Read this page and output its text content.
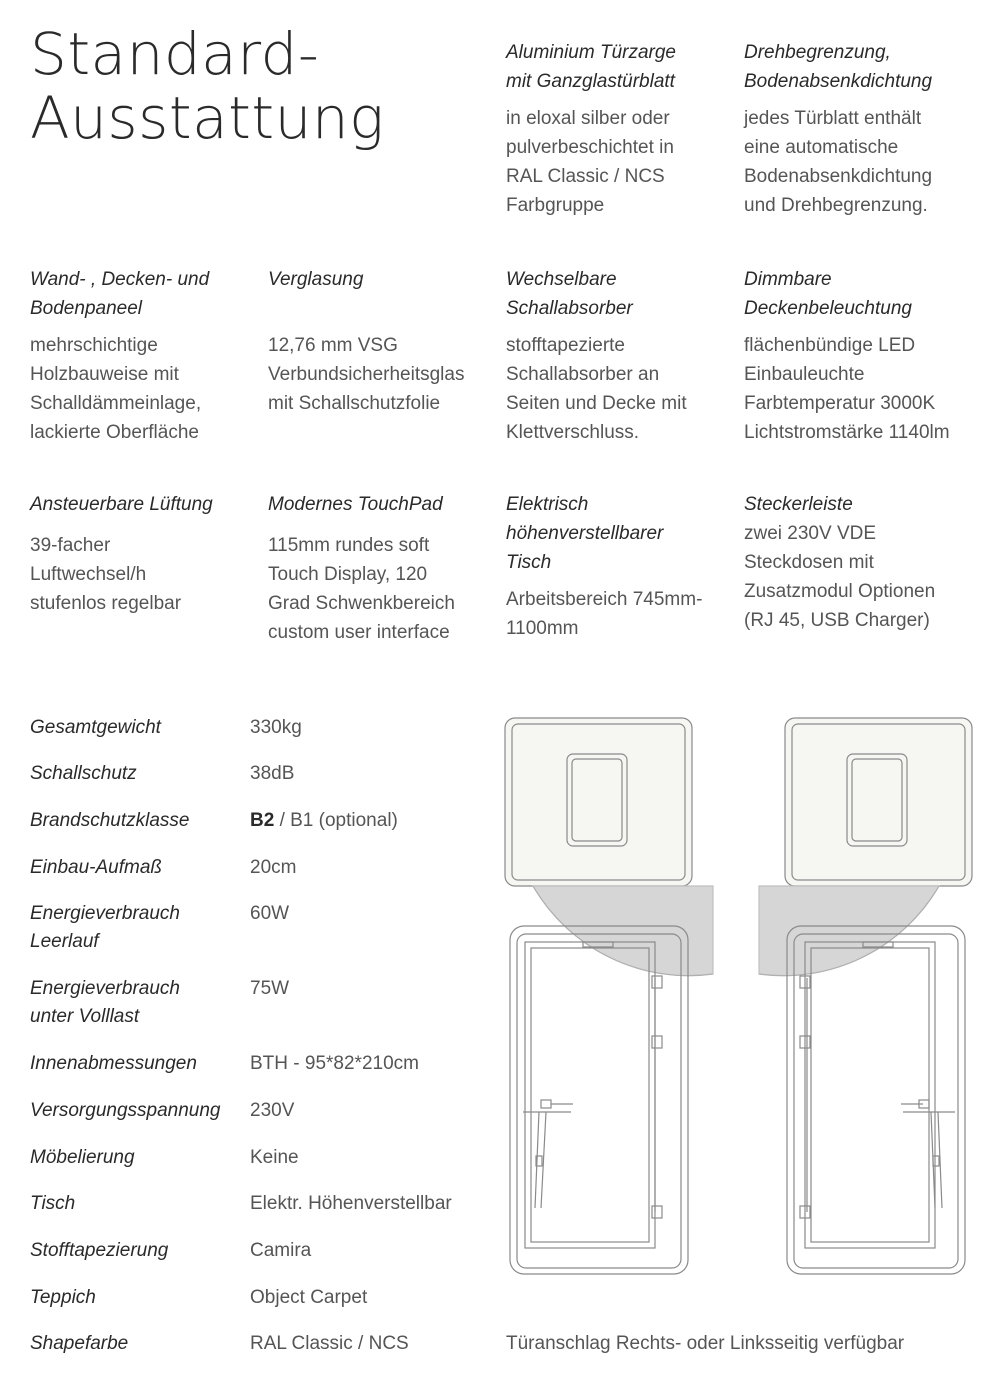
Standard-
Ausstattung
Aluminium Türzarge
mit Ganzglastürblatt
in eloxal silber oder
pulverbeschichtet in
RAL Classic / NCS
Farbgruppe
Drehbegrenzung,
Bodenabsenkdichtung
jedes Türblatt enthält
eine automatische
Bodenabsenkdichtung
und Drehbegrenzung.
Wand- , Decken- und
Bodenpaneel
mehrschichtige
Holzbauweise mit
Schalldämmeinlage,
lackierte Oberfläche
Verglasung
12,76 mm VSG
Verbundsicherheitsglas
mit Schallschutzfolie
Wechselbare
Schallabsorber
stofftapezierte
Schallabsorber an
Seiten und Decke mit
Klettverschluss.
Dimmbare
Deckenbeleuchtung
flächenbündige LED
Einbauleuchte
Farbtemperatur 3000K
Lichtstromstärke 1140lm
Ansteuerbare Lüftung
39-facher
Luftwechsel/h
stufenlos regelbar
Modernes TouchPad
115mm rundes soft
Touch Display, 120
Grad Schwenkbereich
custom user interface
Elektrisch
höhenverstellbarer
Tisch
Arbeitsbereich 745mm-
1100mm
Steckerleiste
zwei 230V VDE
Steckdosen mit
Zusatzmodul Optionen
(RJ 45, USB Charger)
Gesamtgewicht	330kg
Schallschutz	38dB
Brandschutzklasse	B2 / B1 (optional)
Einbau-Aufmaß	20cm
Energieverbrauch
Leerlauf
60W
Energieverbrauch
unter Volllast
75W
Innenabmessungen	BTH - 95*82*210cm
Versorgungsspannung	230V
Möbelierung	Keine
Tisch	Elektr. Höhenverstellbar
Stofftapezierung	Camira
Teppich	Object Carpet
Shapefarbe	RAL Classic / NCS	Türanschlag Rechts- oder Linksseitig verfügbar
